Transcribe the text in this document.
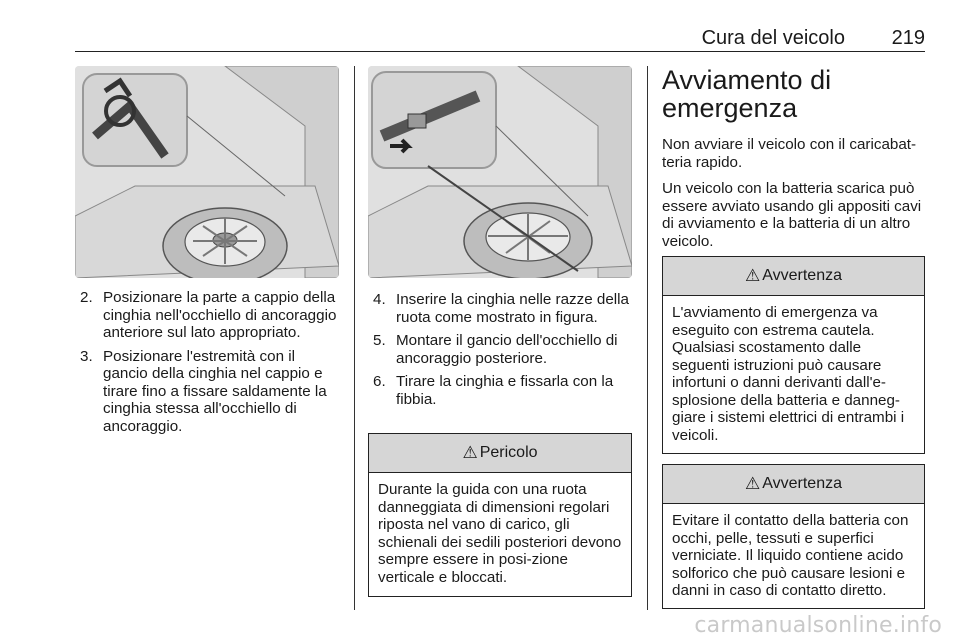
Cura del veicolo 219
2. Posizionare la parte a cappio della cinghia nell'occhiello di ancoraggio anteriore sul lato appropriato.
3. Posizionare l'estremità con il gancio della cinghia nel cappio e tirare fino a fissare saldamente la cinghia stessa all'occhiello di ancoraggio.
4. Inserire la cinghia nelle razze della ruota come mostrato in figura.
5. Montare il gancio dell'occhiello di ancoraggio posteriore.
6. Tirare la cinghia e fissarla con la fibbia.
⚠ Pericolo
Durante la guida con una ruota danneggiata di dimensioni regolari riposta nel vano di carico, gli schienali dei sedili posteriori devono sempre essere in posi-zione verticale e bloccati.
Avviamento di emergenza

Non avviare il veicolo con il caricabat-teria rapido.

Un veicolo con la batteria scarica può essere avviato usando gli appositi cavi di avviamento e la batteria di un altro veicolo.

⚠ Avvertenza
L'avviamento di emergenza va eseguito con estrema cautela. Qualsiasi scostamento dalle seguenti istruzioni può causare infortuni o danni derivanti dall'e-splosione della batteria e danneg-giare i sistemi elettrici di entrambi i veicoli.
⚠ Avvertenza
Evitare il contatto della batteria con occhi, pelle, tessuti e superfici verniciate. Il liquido contiene acido solforico che può causare lesioni e danni in caso di contatto diretto.
carmanualsonline.info
